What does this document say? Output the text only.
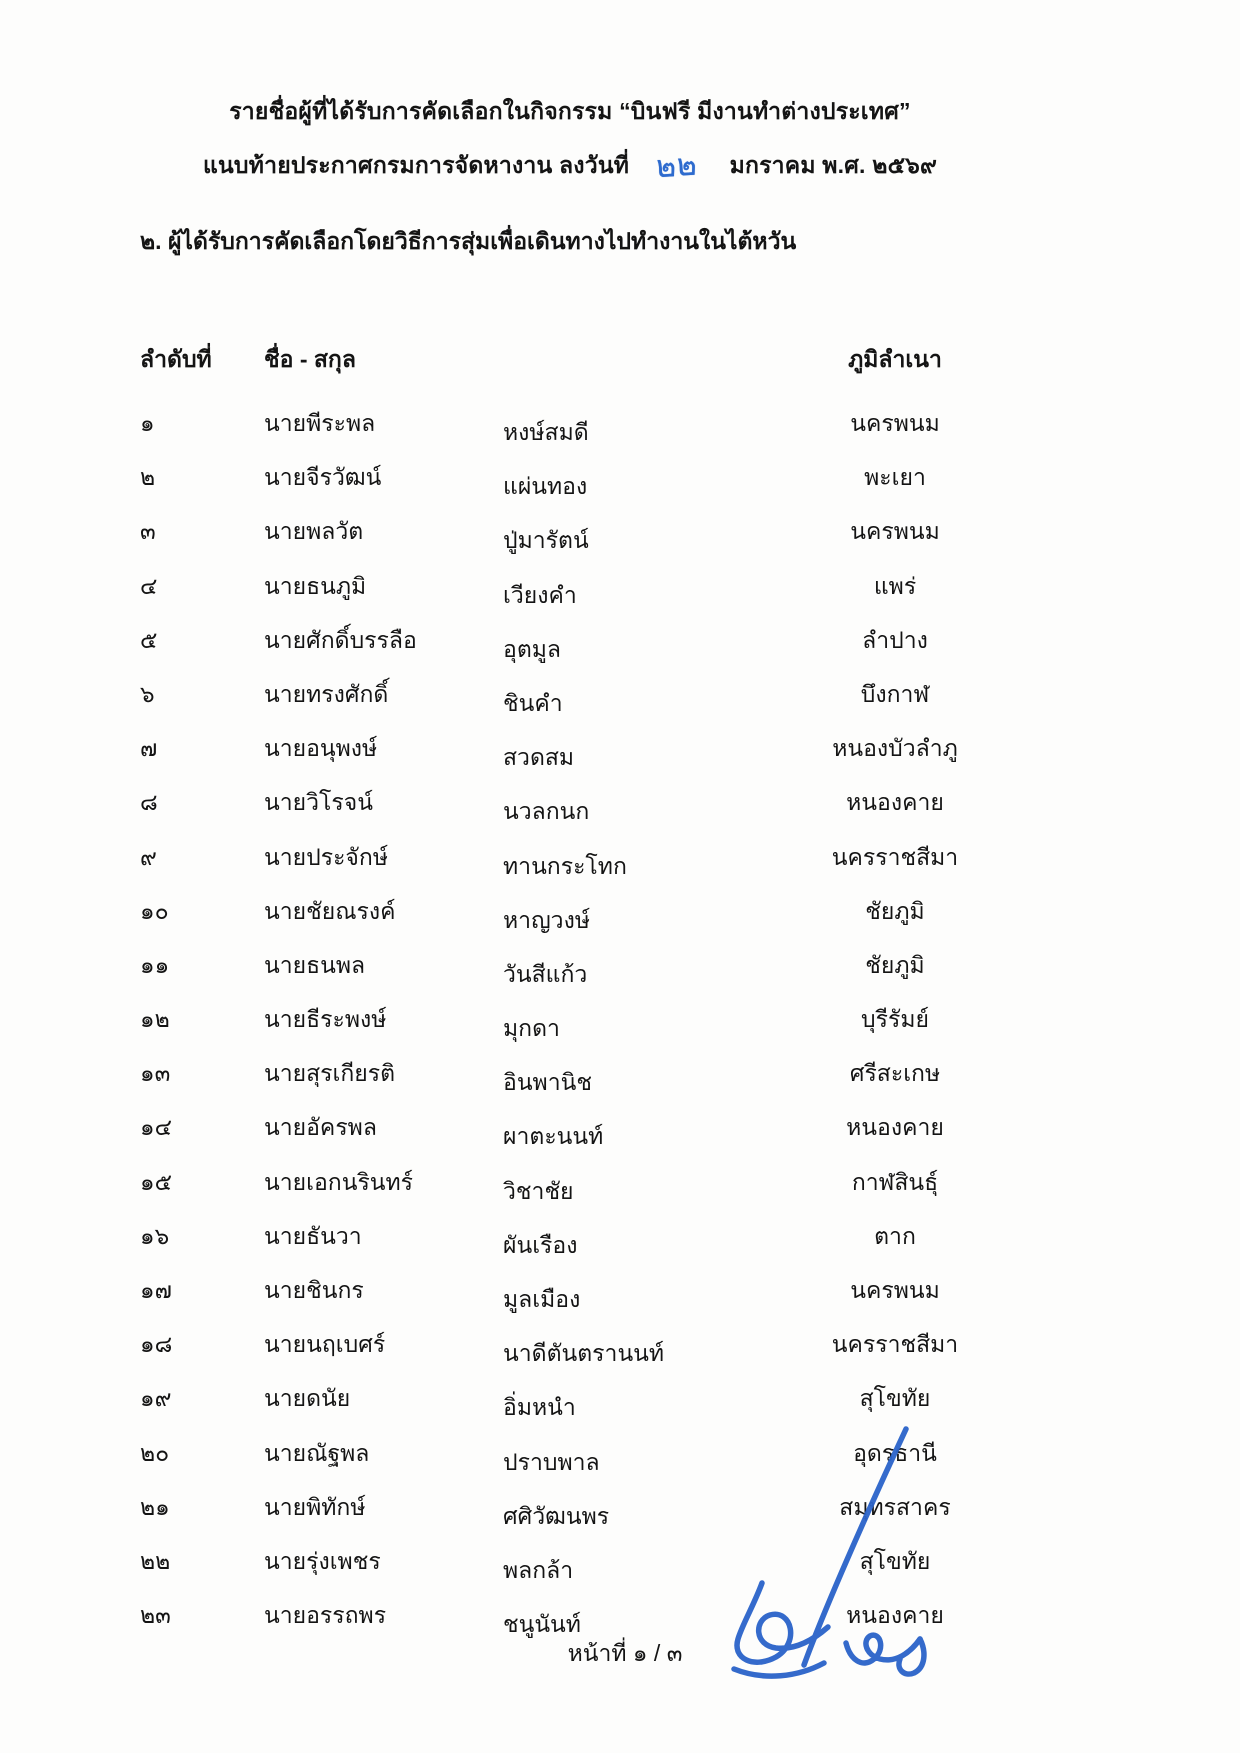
รายชื่อผู้ที่ได้รับการคัดเลือกในกิจกรรม “บินฟรี มีงานทำต่างประเทศ”
แนบท้ายประกาศกรมการจัดหางาน ลงวันที่ ๒๒ มกราคม พ.ศ. ๒๕๖๙
๒. ผู้ได้รับการคัดเลือกโดยวิธีการสุ่มเพื่อเดินทางไปทำงานในไต้หวัน
ลำดับที่	ชื่อ - สกุล	ภูมิลำเนา
๑	นายพีระพล	หงษ์สมดี	นครพนม
๒	นายจีรวัฒน์	แผ่นทอง	พะเยา
๓	นายพลวัต	ปู่มารัตน์	นครพนม
๔	นายธนภูมิ	เวียงคำ	แพร่
๕	นายศักดิ์บรรลือ	อุตมูล	ลำปาง
๖	นายทรงศักดิ์	ชินคำ	บึงกาฬ
๗	นายอนุพงษ์	สวดสม	หนองบัวลำภู
๘	นายวิโรจน์	นวลกนก	หนองคาย
๙	นายประจักษ์	ทานกระโทก	นครราชสีมา
๑๐	นายชัยณรงค์	หาญวงษ์	ชัยภูมิ
๑๑	นายธนพล	วันสีแก้ว	ชัยภูมิ
๑๒	นายธีระพงษ์	มุกดา	บุรีรัมย์
๑๓	นายสุรเกียรติ	อินพานิช	ศรีสะเกษ
๑๔	นายอัครพล	ผาตะนนท์	หนองคาย
๑๕	นายเอกนรินทร์	วิชาชัย	กาฬสินธุ์
๑๖	นายธันวา	ผันเรือง	ตาก
๑๗	นายชินกร	มูลเมือง	นครพนม
๑๘	นายนฤเบศร์	นาดีตันตรานนท์	นครราชสีมา
๑๙	นายดนัย	อิ่มหนำ	สุโขทัย
๒๐	นายณัฐพล	ปราบพาล	อุดรธานี
๒๑	นายพิทักษ์	ศศิวัฒนพร	สมุทรสาคร
๒๒	นายรุ่งเพชร	พลกล้า	สุโขทัย
๒๓	นายอรรถพร	ชนูนันท์	หนองคาย
หน้าที่ ๑ / ๓
